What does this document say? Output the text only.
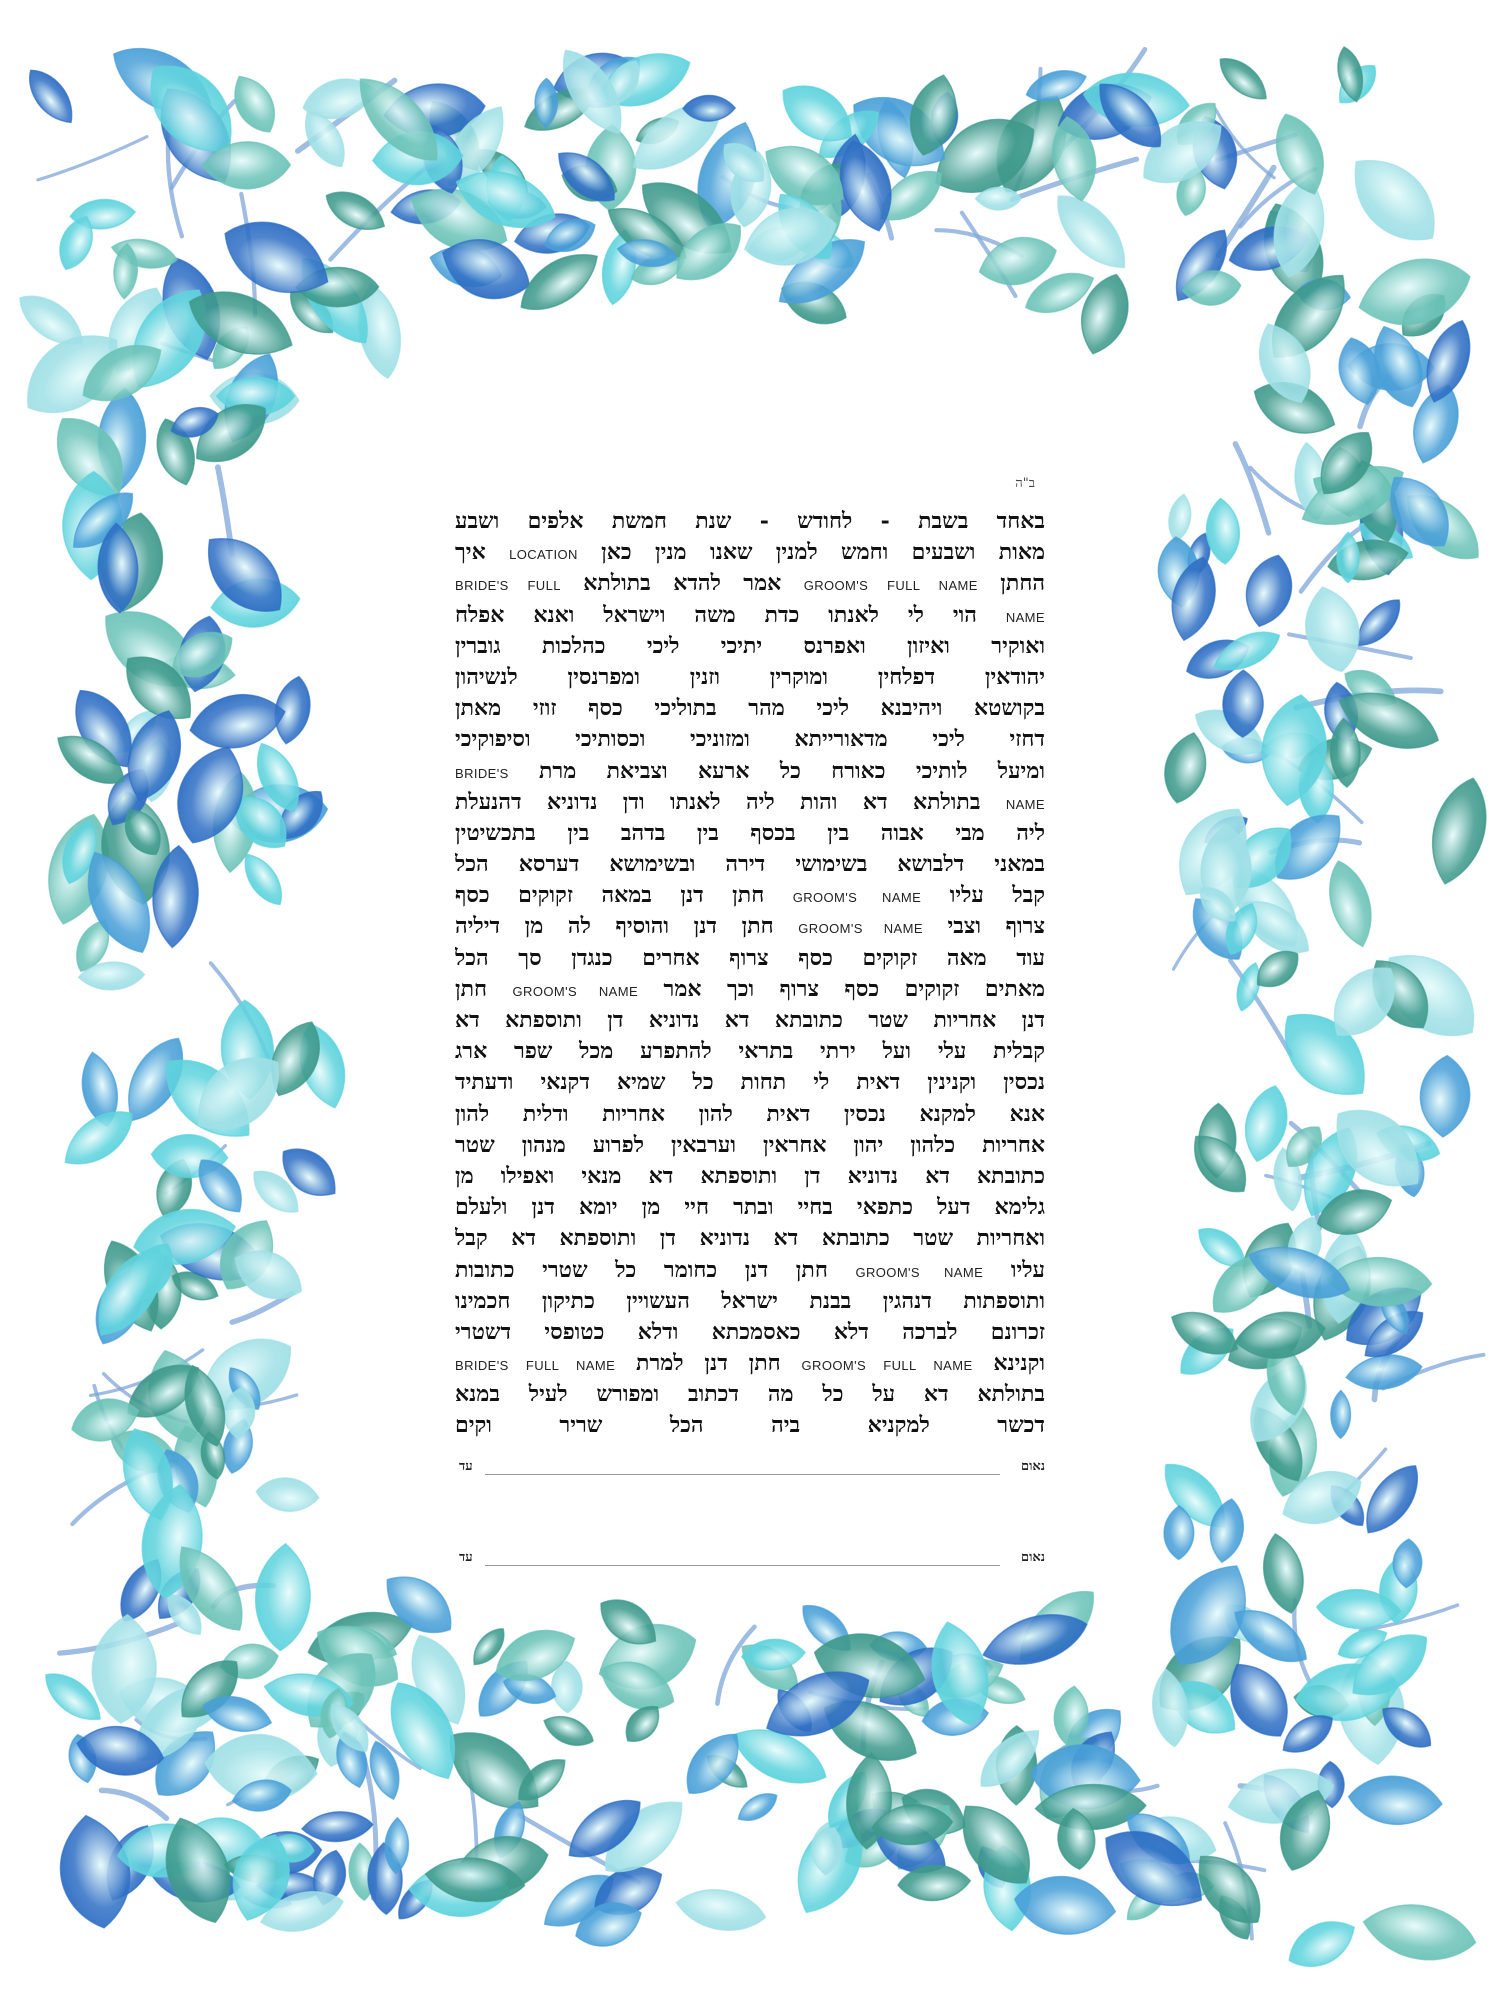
ב"ה
באחד בשבת - לחודש - שנת חמשת אלפים ושבע
מאות ושבעים וחמש למנין שאנו מנין כאן LOCATION איך
החתן GROOM'S FULL NAME אמר להדא בתולתא BRIDE'S FULL
NAME הוי לי לאנתו כדת משה וישראל ואנא אפלח
ואוקיר ואיזון ואפרנס יתיכי ליכי כהלכות גוברין
יהודאין דפלחין ומוקרין וזנין ומפרנסין לנשיהון
בקושטא ויהיבנא ליכי מהר בתוליכי כסף זוזי מאתן
דחזי ליכי מדאורייתא ומזוניכי וכסותיכי וסיפוקיכי
ומיעל לותיכי כאורח כל ארעא וצביאת מרת BRIDE'S
NAME בתולתא דא והות ליה לאנתו ודן נדוניא דהנעלת
ליה מבי אבוה בין בכסף בין בדהב בין בתכשיטין
במאני דלבושא בשימושי דירה ובשימושא דערסא הכל
קבל עליו GROOM'S NAME חתן דנן במאה זקוקים כסף
צרוף וצבי GROOM'S NAME חתן דנן והוסיף לה מן דיליה
עוד מאה זקוקים כסף צרוף אחרים כנגדן סך הכל
מאתים זקוקים כסף צרוף וכך אמר GROOM'S NAME חתן
דנן אחריות שטר כתובתא דא נדוניא דן ותוספתא דא
קבלית עלי ועל ירתי בתראי להתפרע מכל שפר ארג
נכסין וקנינין דאית לי תחות כל שמיא דקנאי ודעתיד
אנא למקנא נכסין דאית להון אחריות ודלית להון
אחריות כלהון יהון אחראין וערבאין לפרוע מנהון שטר
כתובתא דא נדוניא דן ותוספתא דא מנאי ואפילו מן
גלימא דעל כתפאי בחיי ובתר חיי מן יומא דנן ולעלם
ואחריות שטר כתובתא דא נדוניא דן ותוספתא דא קבל
עליו GROOM'S NAME חתן דנן כחומר כל שטרי כתובות
ותוספתות דנהגין בבנת ישראל העשויין כתיקון חכמינו
זכרונם לברכה דלא כאסמכתא ודלא כטופסי דשטרי
וקנינא GROOM'S FULL NAME חתן דנן למרת BRIDE'S FULL NAME
בתולתא דא על כל מה דכתוב ומפורש לעיל במנא
דכשר למקניא ביה הכל שריר וקים
נאום
עד
נאום
עד
